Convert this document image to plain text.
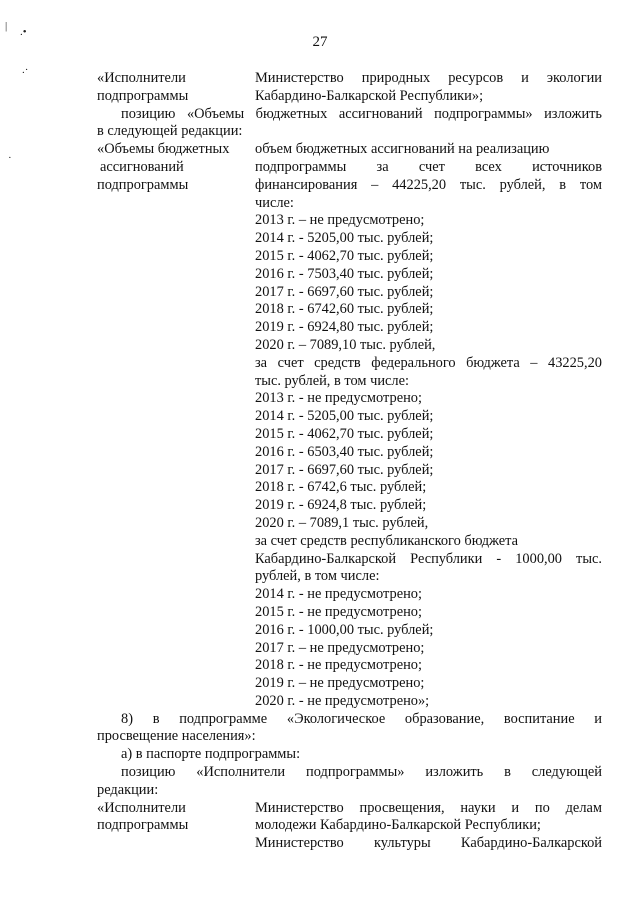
27
| .•
.·
·
«Исполнители
подпрограммы
Министерство природных ресурсов и экологии
Кабардино-Балкарской Республики»;
позицию «Объемы бюджетных ассигнований подпрограммы» изложить
в следующей редакции:
«Объемы бюджетных
ассигнований
подпрограммы
объем бюджетных ассигнований на реализацию
подпрограммы за счет всех источников
финансирования – 44225,20 тыс. рублей, в том
числе:
2013 г. – не предусмотрено;
2014 г. - 5205,00 тыс. рублей;
2015 г. - 4062,70 тыс. рублей;
2016 г. - 7503,40 тыс. рублей;
2017 г. - 6697,60 тыс. рублей;
2018 г. - 6742,60 тыс. рублей;
2019 г. - 6924,80 тыс. рублей;
2020 г. – 7089,10 тыс. рублей,
за счет средств федерального бюджета – 43225,20
тыс. рублей, в том числе:
2013 г. - не предусмотрено;
2014 г. - 5205,00 тыс. рублей;
2015 г. - 4062,70 тыс. рублей;
2016 г. - 6503,40 тыс. рублей;
2017 г. - 6697,60 тыс. рублей;
2018 г. - 6742,6 тыс. рублей;
2019 г. - 6924,8 тыс. рублей;
2020 г. – 7089,1 тыс. рублей,
за счет средств республиканского бюджета
Кабардино-Балкарской Республики - 1000,00 тыс.
рублей, в том числе:
2014 г. - не предусмотрено;
2015 г. - не предусмотрено;
2016 г. - 1000,00 тыс. рублей;
2017 г. – не предусмотрено;
2018 г. - не предусмотрено;
2019 г. – не предусмотрено;
2020 г. - не предусмотрено»;
8) в подпрограмме «Экологическое образование, воспитание и
просвещение населения»:
а) в паспорте подпрограммы:
позицию «Исполнители подпрограммы» изложить в следующей
редакции:
«Исполнители
подпрограммы
Министерство просвещения, науки и по делам
молодежи Кабардино-Балкарской Республики;
Министерство культуры Кабардино-Балкарской
